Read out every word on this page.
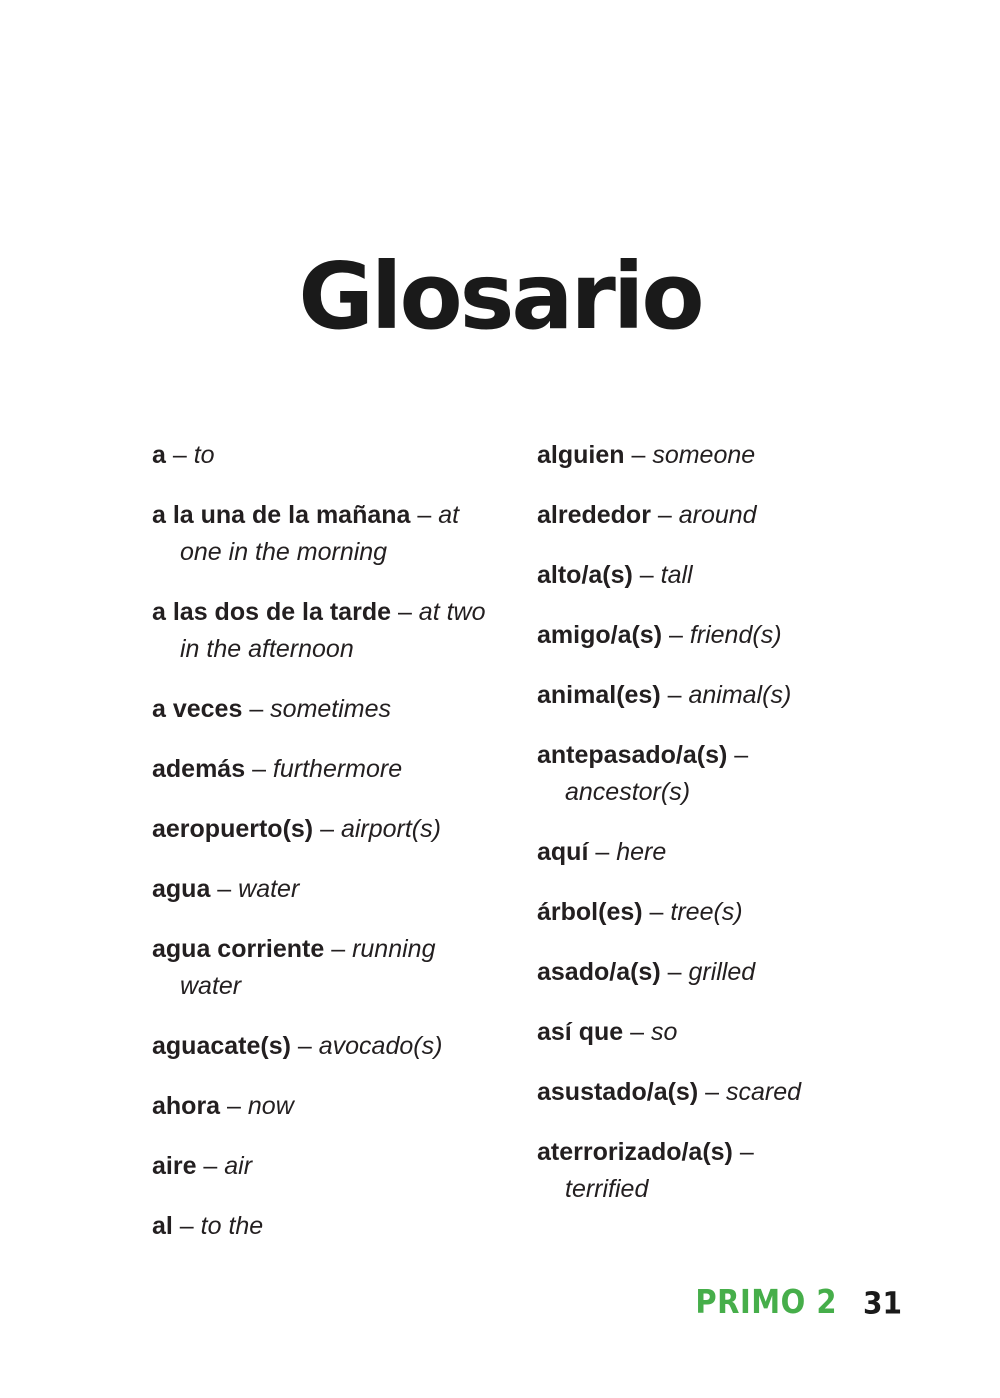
Glosario
a – to
a la una de la mañana – at one in the morning
a las dos de la tarde – at two in the afternoon
a veces – sometimes
además – furthermore
aeropuerto(s) – airport(s)
agua – water
agua corriente – running water
aguacate(s) – avocado(s)
ahora – now
aire – air
al – to the
alguien – someone
alrededor – around
alto/a(s) – tall
amigo/a(s) – friend(s)
animal(es) – animal(s)
antepasado/a(s) – ancestor(s)
aquí – here
árbol(es) – tree(s)
asado/a(s) – grilled
así que – so
asustado/a(s) – scared
aterrorizado/a(s) – terrified
PRIMO 2 31
